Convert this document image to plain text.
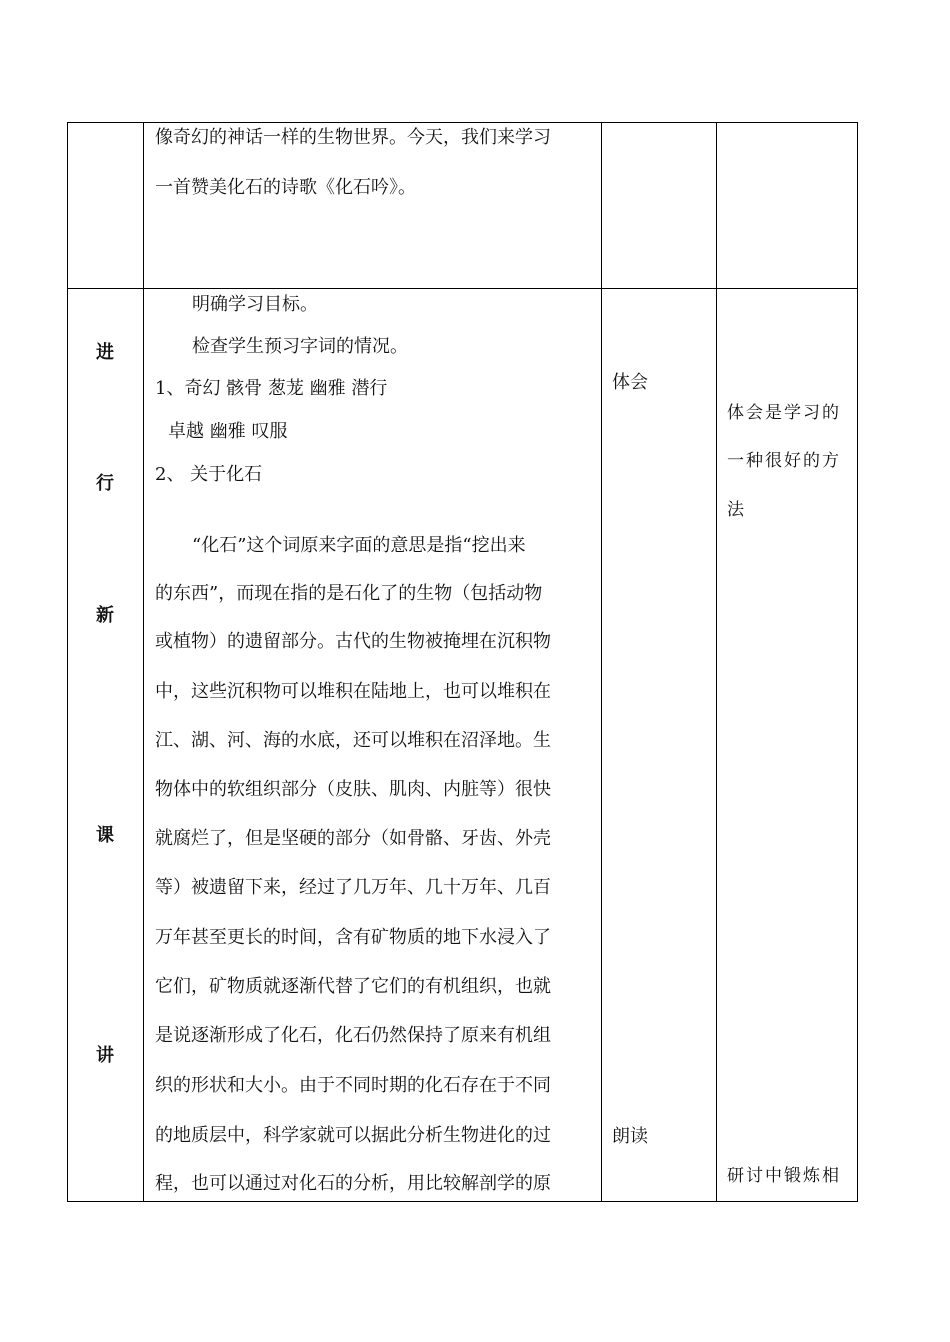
像奇幻的神话一样的生物世界。今天，我们来学习
一首赞美化石的诗歌《化石吟》。
进
行
新
课
讲
明确学习目标。
检查学生预习字词的情况。
1、奇幻 骸骨 葱茏 幽雅 潜行
卓越 幽雅 叹服
2、 关于化石
“化石”这个词原来字面的意思是指“挖出来
的东西”，而现在指的是石化了的生物（包括动物
或植物）的遗留部分。古代的生物被掩埋在沉积物
中，这些沉积物可以堆积在陆地上，也可以堆积在
江、湖、河、海的水底，还可以堆积在沼泽地。生
物体中的软组织部分（皮肤、肌肉、内脏等）很快
就腐烂了，但是坚硬的部分（如骨骼、牙齿、外壳
等）被遗留下来，经过了几万年、几十万年、几百
万年甚至更长的时间，含有矿物质的地下水浸入了
它们，矿物质就逐渐代替了它们的有机组织，也就
是说逐渐形成了化石，化石仍然保持了原来有机组
织的形状和大小。由于不同时期的化石存在于不同
的地质层中，科学家就可以据此分析生物进化的过
程，也可以通过对化石的分析，用比较解剖学的原
体会
朗读
体会是学习的
一种很好的方
法
研讨中锻炼相
